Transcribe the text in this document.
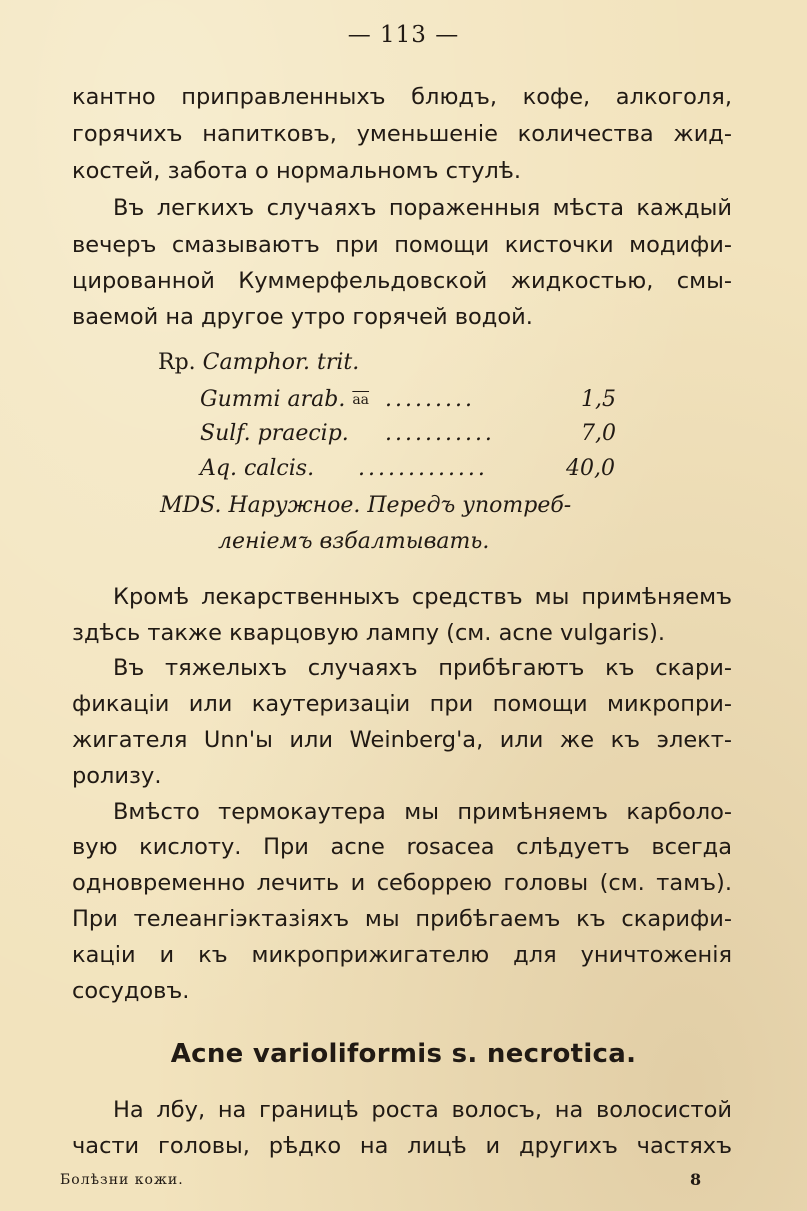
— 113 —
кантно приправленныхъ блюдъ, кофе, алкоголя,
горячихъ напитковъ, уменьшеніе количества жид-
костей, забота о нормальномъ стулѣ.
Въ легкихъ случаяхъ пораженныя мѣста каждый
вечеръ смазываютъ при помощи кисточки модифи-
цированной Куммерфельдовской жидкостью, смы-
ваемой на другое утро горячей водой.
Rp. Camphor. trit.
Gummi arab. $\overline{aa}$ .........	1,5
Sulf. praecip. ...........	7,0
Aq. calcis. .............	40,0
MDS. Наружное. Передъ употреб-
леніемъ взбалтывать.
Кромѣ лекарственныхъ средствъ мы примѣняемъ
здѣсь также кварцовую лампу (см. acne vulgaris).
Въ тяжелыхъ случаяхъ прибѣгаютъ къ скари-
фикацiи или каутеризацiи при помощи микропри-
жигателя Unn'ы или Weinberg'а, или же къ элект-
ролизу.
Вмѣсто термокаутера мы примѣняемъ карболо-
вую кислоту. При acne rosacea слѣдуетъ всегда
одновременно лечить и себоррею головы (см. тамъ).
При телеангiэктазiяхъ мы прибѣгаемъ къ скарифи-
кацiи и къ микроприжигателю для уничтоженiя
сосудовъ.
Acne varioliformis s. necrotica.
На лбу, на границѣ роста волосъ, на волосистой
части головы, рѣдко на лицѣ и другихъ частяхъ
Болѣзни кожи.	8
